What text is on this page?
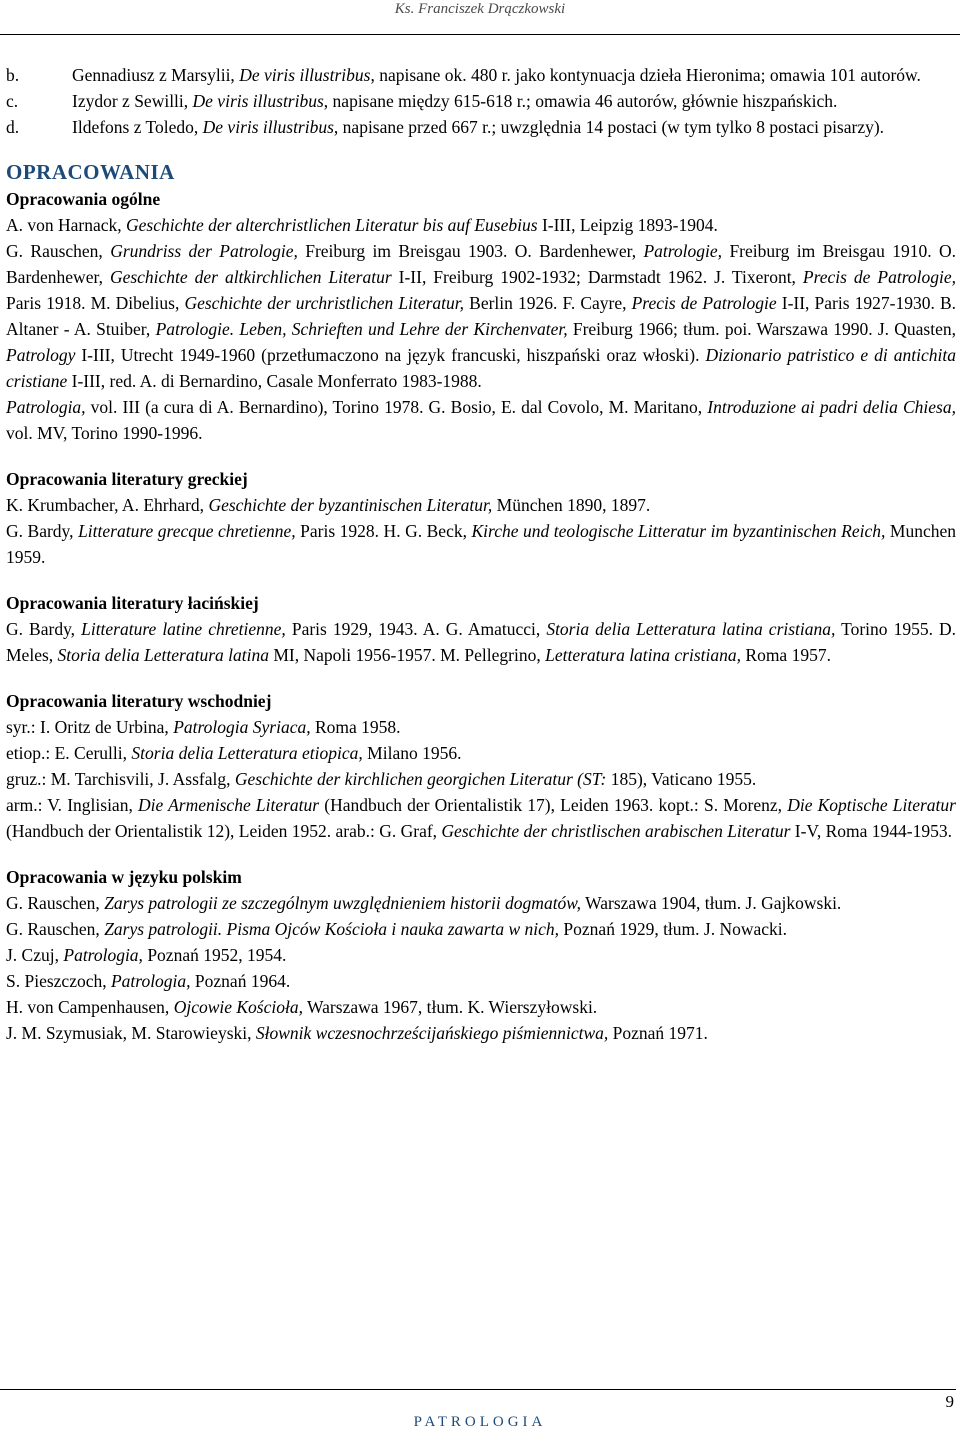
Ks. Franciszek Drączkowski
b.	Gennadiusz z Marsylii, De viris illustribus, napisane ok. 480 r. jako kontynuacja dzieła Hieronima; omawia 101 autorów.
c.	Izydor z Sewilli, De viris illustribus, napisane między 615-618 r.; omawia 46 autorów, głównie hiszpańskich.
d.	Ildefons z Toledo, De viris illustribus, napisane przed 667 r.; uwzględnia 14 postaci (w tym tylko 8 postaci pisarzy).
OPRACOWANIA
Opracowania ogólne

A. von Harnack, Geschichte der alterchristlichen Literatur bis auf Eusebius I-III, Leipzig 1893-1904.

G. Rauschen, Grundriss der Patrologie, Freiburg im Breisgau 1903. O. Bardenhewer, Patrologie, Freiburg im Breisgau 1910. O. Bardenhewer, Geschichte der altkirchlichen Literatur I-II, Freiburg 1902-1932; Darmstadt 1962. J. Tixeront, Precis de Patrologie, Paris 1918. M. Dibelius, Geschichte der urchristlichen Literatur, Berlin 1926. F. Cayre, Precis de Patrologie I-II, Paris 1927-1930. B. Altaner - A. Stuiber, Patrologie. Leben, Schrieften und Lehre der Kirchenvater, Freiburg 1966; tłum. poi. Warszawa 1990. J. Quasten, Patrology I-III, Utrecht 1949-1960 (przetłumaczono na język francuski, hiszpański oraz włoski). Dizionario patristico e di antichita cristiane I-III, red. A. di Bernardino, Casale Monferrato 1983-1988.

Patrologia, vol. III (a cura di A. Bernardino), Torino 1978. G. Bosio, E. dal Covolo, M. Maritano, Introduzione ai padri delia Chiesa, vol. MV, Torino 1990-1996.

Opracowania literatury greckiej

K. Krumbacher, A. Ehrhard, Geschichte der byzantinischen Literatur, München 1890, 1897.

G. Bardy, Litterature grecque chretienne, Paris 1928. H. G. Beck, Kirche und teologische Litteratur im byzantinischen Reich, Munchen 1959.

Opracowania literatury łacińskiej

G. Bardy, Litterature latine chretienne, Paris 1929, 1943. A. G. Amatucci, Storia delia Letteratura latina cristiana, Torino 1955. D. Meles, Storia delia Letteratura latina MI, Napoli 1956-1957. M. Pellegrino, Letteratura latina cristiana, Roma 1957.

Opracowania literatury wschodniej

syr.: I. Oritz de Urbina, Patrologia Syriaca, Roma 1958.

etiop.: E. Cerulli, Storia delia Letteratura etiopica, Milano 1956.

gruz.: M. Tarchisvili, J. Assfalg, Geschichte der kirchlichen georgichen Literatur (ST: 185), Vaticano 1955.

arm.: V. Inglisian, Die Armenische Literatur (Handbuch der Orientalistik 17), Leiden 1963. kopt.: S. Morenz, Die Koptische Literatur (Handbuch der Orientalistik 12), Leiden 1952. arab.: G. Graf, Geschichte der christlischen arabischen Literatur I-V, Roma 1944-1953.

Opracowania w języku polskim

G. Rauschen, Zarys patrologii ze szczególnym uwzględnieniem historii dogmatów, Warszawa 1904, tłum. J. Gajkowski.

G. Rauschen, Zarys patrologii. Pisma Ojców Kościoła i nauka zawarta w nich, Poznań 1929, tłum. J. Nowacki.

J. Czuj, Patrologia, Poznań 1952, 1954.

S. Pieszczoch, Patrologia, Poznań 1964.

H. von Campenhausen, Ojcowie Kościoła, Warszawa 1967, tłum. K. Wierszyłowski.

J. M. Szymusiak, M. Starowieyski, Słownik wczesnochrześcijańskiego piśmiennictwa, Poznań 1971.

9
PATROLOGIA
